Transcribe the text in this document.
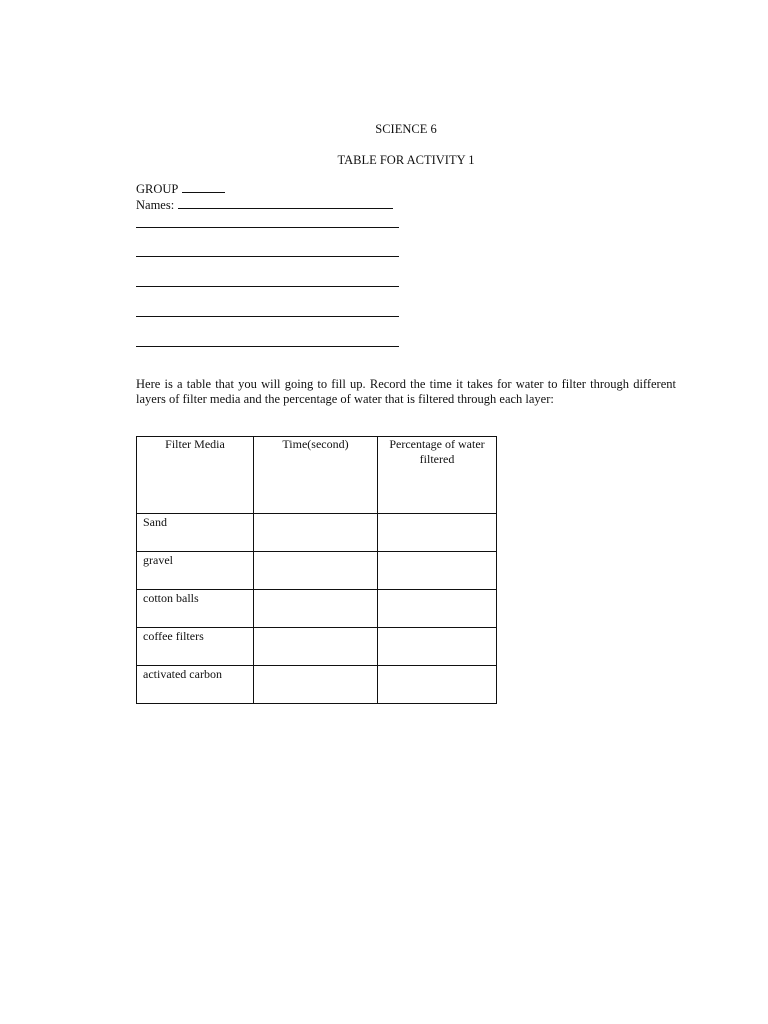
SCIENCE 6
TABLE FOR ACTIVITY 1
GROUP
Names:
Here is a table that you will going to fill up. Record the time it takes for water to filter through different layers of filter media and the percentage of water that is filtered through each layer:
Filter Media	Time(second)	Percentage of water filtered

Sand		
gravel		
cotton balls		
coffee filters		
activated carbon		
